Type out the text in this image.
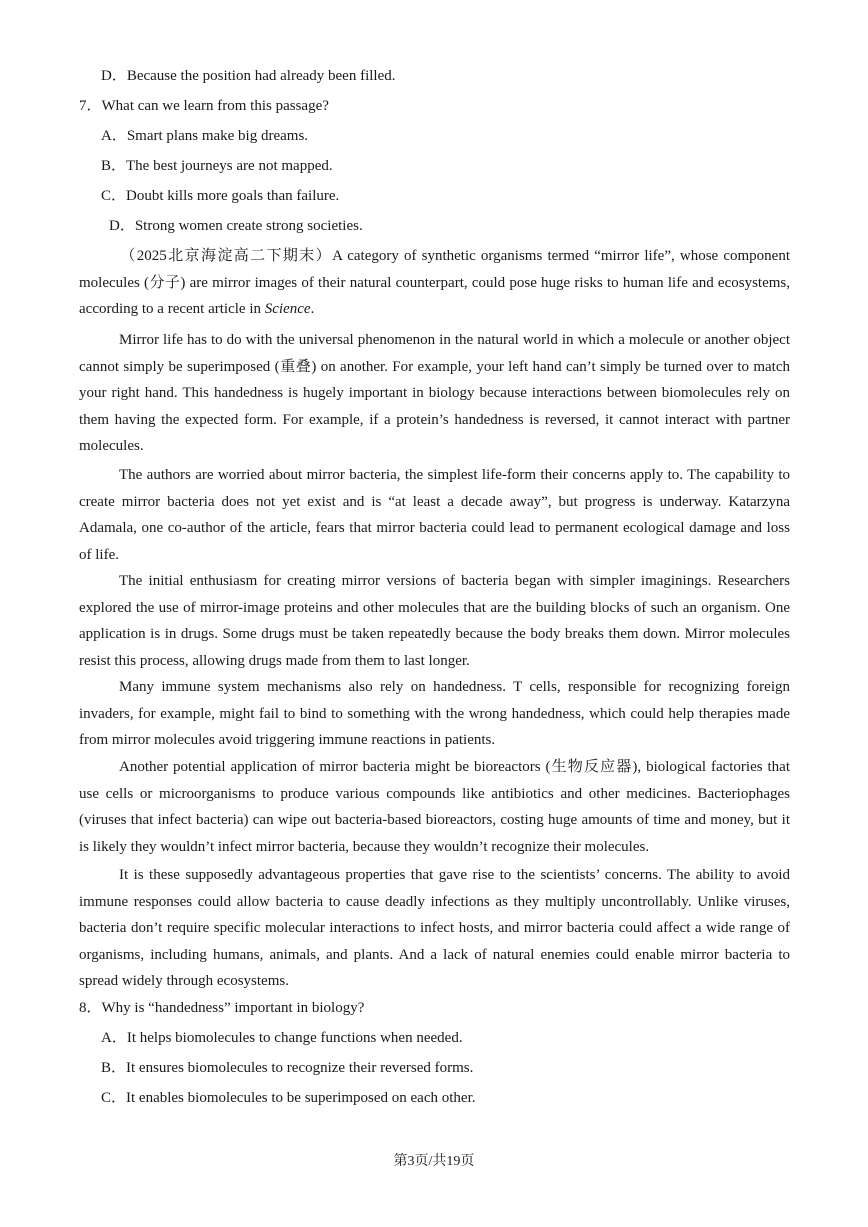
D．Because the position had already been filled.
7．What can we learn from this passage?
A．Smart plans make big dreams.
B．The best journeys are not mapped.
C．Doubt kills more goals than failure.
D．Strong women create strong societies.
（2025北京海淀高二下期末）A category of synthetic organisms termed “mirror life”, whose component molecules (分子) are mirror images of their natural counterpart, could pose huge risks to human life and ecosystems, according to a recent article in Science.
Mirror life has to do with the universal phenomenon in the natural world in which a molecule or another object cannot simply be superimposed (重叠) on another. For example, your left hand can’t simply be turned over to match your right hand. This handedness is hugely important in biology because interactions between biomolecules rely on them having the expected form. For example, if a protein’s handedness is reversed, it cannot interact with partner molecules.
The authors are worried about mirror bacteria, the simplest life-form their concerns apply to. The capability to create mirror bacteria does not yet exist and is “at least a decade away”, but progress is underway. Katarzyna Adamala, one co-author of the article, fears that mirror bacteria could lead to permanent ecological damage and loss of life.
The initial enthusiasm for creating mirror versions of bacteria began with simpler imaginings. Researchers explored the use of mirror-image proteins and other molecules that are the building blocks of such an organism. One application is in drugs. Some drugs must be taken repeatedly because the body breaks them down. Mirror molecules resist this process, allowing drugs made from them to last longer.
Many immune system mechanisms also rely on handedness. T cells, responsible for recognizing foreign invaders, for example, might fail to bind to something with the wrong handedness, which could help therapies made from mirror molecules avoid triggering immune reactions in patients.
Another potential application of mirror bacteria might be bioreactors (生物反应器), biological factories that use cells or microorganisms to produce various compounds like antibiotics and other medicines. Bacteriophages (viruses that infect bacteria) can wipe out bacteria-based bioreactors, costing huge amounts of time and money, but it is likely they wouldn’t infect mirror bacteria, because they wouldn’t recognize their molecules.
It is these supposedly advantageous properties that gave rise to the scientists’ concerns. The ability to avoid immune responses could allow bacteria to cause deadly infections as they multiply uncontrollably. Unlike viruses, bacteria don’t require specific molecular interactions to infect hosts, and mirror bacteria could affect a wide range of organisms, including humans, animals, and plants. And a lack of natural enemies could enable mirror bacteria to spread widely through ecosystems.
8．Why is “handedness” important in biology?
A．It helps biomolecules to change functions when needed.
B．It ensures biomolecules to recognize their reversed forms.
C．It enables biomolecules to be superimposed on each other.
第3页/共19页
